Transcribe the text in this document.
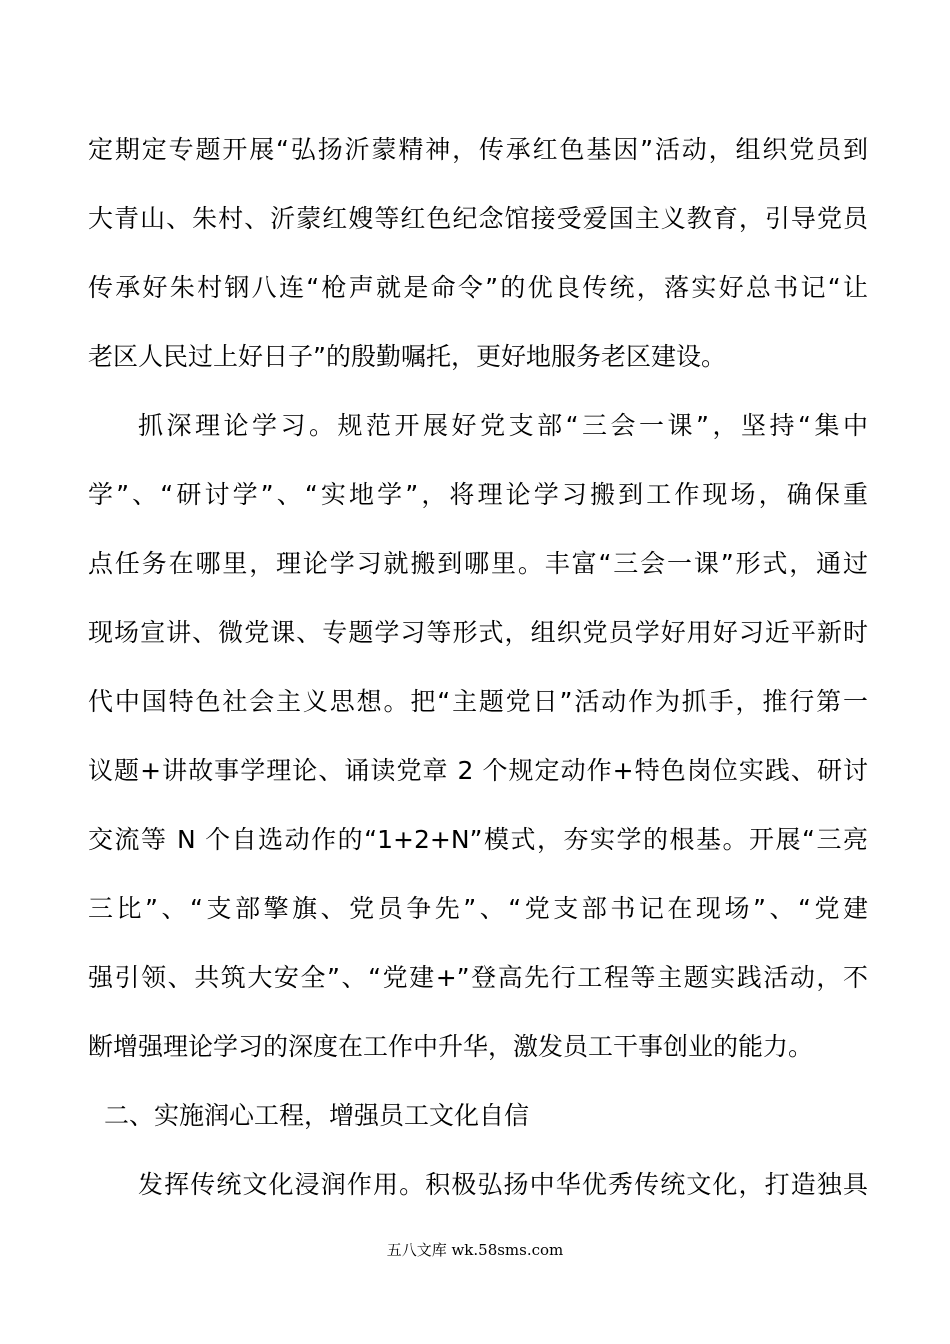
定期定专题开展“弘扬沂蒙精神，传承红色基因”活动，组织党员到
大青山、朱村、沂蒙红嫂等红色纪念馆接受爱国主义教育，引导党员
传承好朱村钢八连“枪声就是命令”的优良传统，落实好总书记“让
老区人民过上好日子”的殷勤嘱托，更好地服务老区建设。
抓深理论学习。规范开展好党支部“三会一课”，坚持“集中
学”、“研讨学”、“实地学”，将理论学习搬到工作现场，确保重
点任务在哪里，理论学习就搬到哪里。丰富“三会一课”形式，通过
现场宣讲、微党课、专题学习等形式，组织党员学好用好习近平新时
代中国特色社会主义思想。把“主题党日”活动作为抓手，推行第一
议题+讲故事学理论、诵读党章 2 个规定动作+特色岗位实践、研讨
交流等 N 个自选动作的“1+2+N”模式，夯实学的根基。开展“三亮
三比”、“支部擎旗、党员争先”、“党支部书记在现场”、“党建
强引领、共筑大安全”、“党建+”登高先行工程等主题实践活动，不
断增强理论学习的深度在工作中升华，激发员工干事创业的能力。
二、实施润心工程，增强员工文化自信
发挥传统文化浸润作用。积极弘扬中华优秀传统文化，打造独具
五八文库 wk.58sms.com
